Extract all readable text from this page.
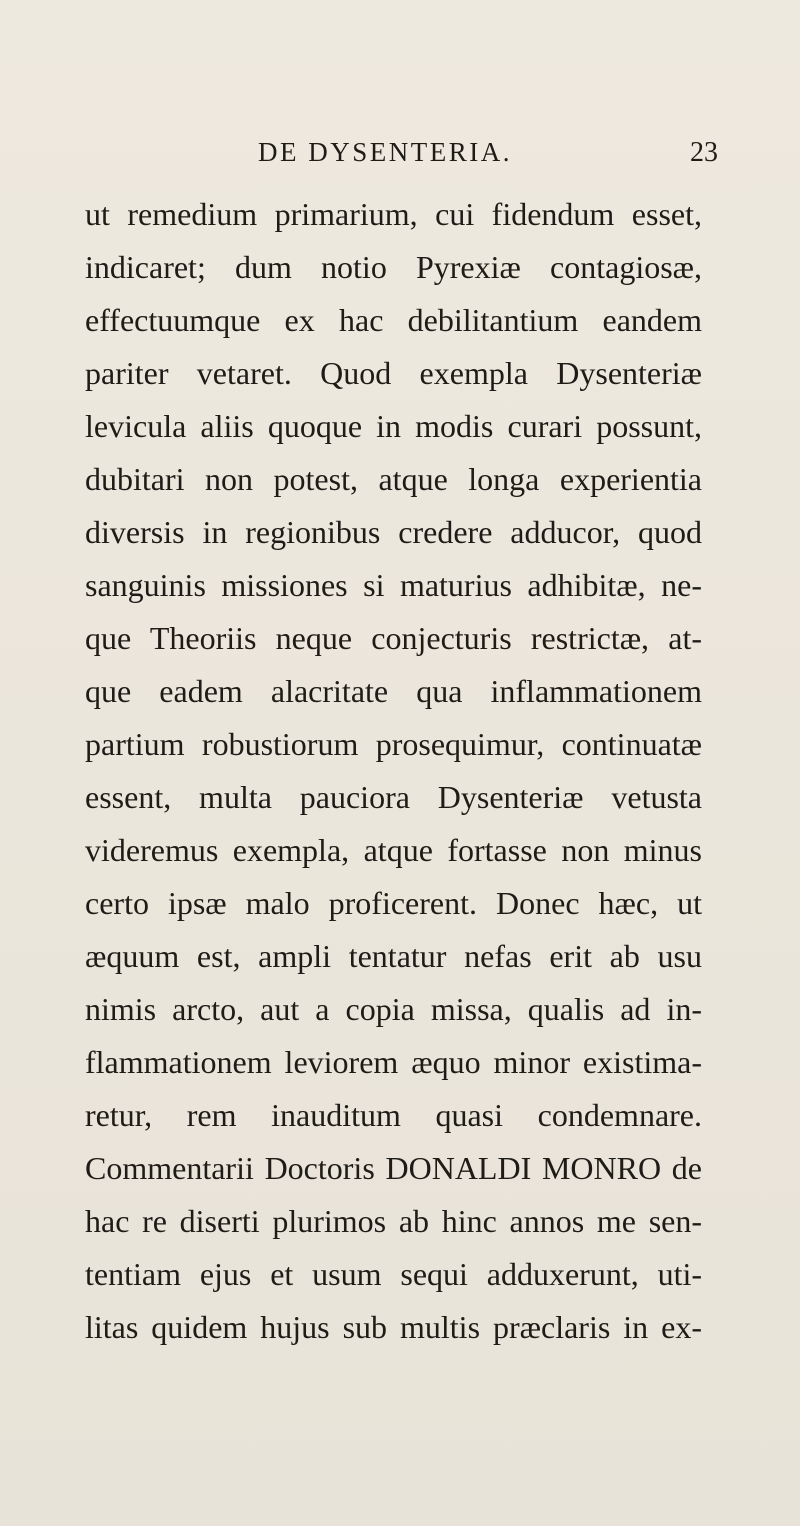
DE DYSENTERIA.	23
ut remedium primarium, cui fidendum esset,
indicaret; dum notio Pyrexiæ contagiosæ,
effectuumque ex hac debilitantium eandem
pariter vetaret. Quod exempla Dysenteriæ
levicula aliis quoque in modis curari possunt,
dubitari non potest, atque longa experientia
diversis in regionibus credere adducor, quod
sanguinis missiones si maturius adhibitæ, ne-
que Theoriis neque conjecturis restrictæ, at-
que eadem alacritate qua inflammationem
partium robustiorum prosequimur, continuatæ
essent, multa pauciora Dysenteriæ vetusta
videremus exempla, atque fortasse non minus
certo ipsæ malo proficerent. Donec hæc, ut
æquum est, ampli tentatur nefas erit ab usu
nimis arcto, aut a copia missa, qualis ad in-
flammationem leviorem æquo minor existima-
retur, rem inauditum quasi condemnare.
Commentarii Doctoris DONALDI MONRO de
hac re diserti plurimos ab hinc annos me sen-
tentiam ejus et usum sequi adduxerunt, uti-
litas quidem hujus sub multis præclaris in ex-
